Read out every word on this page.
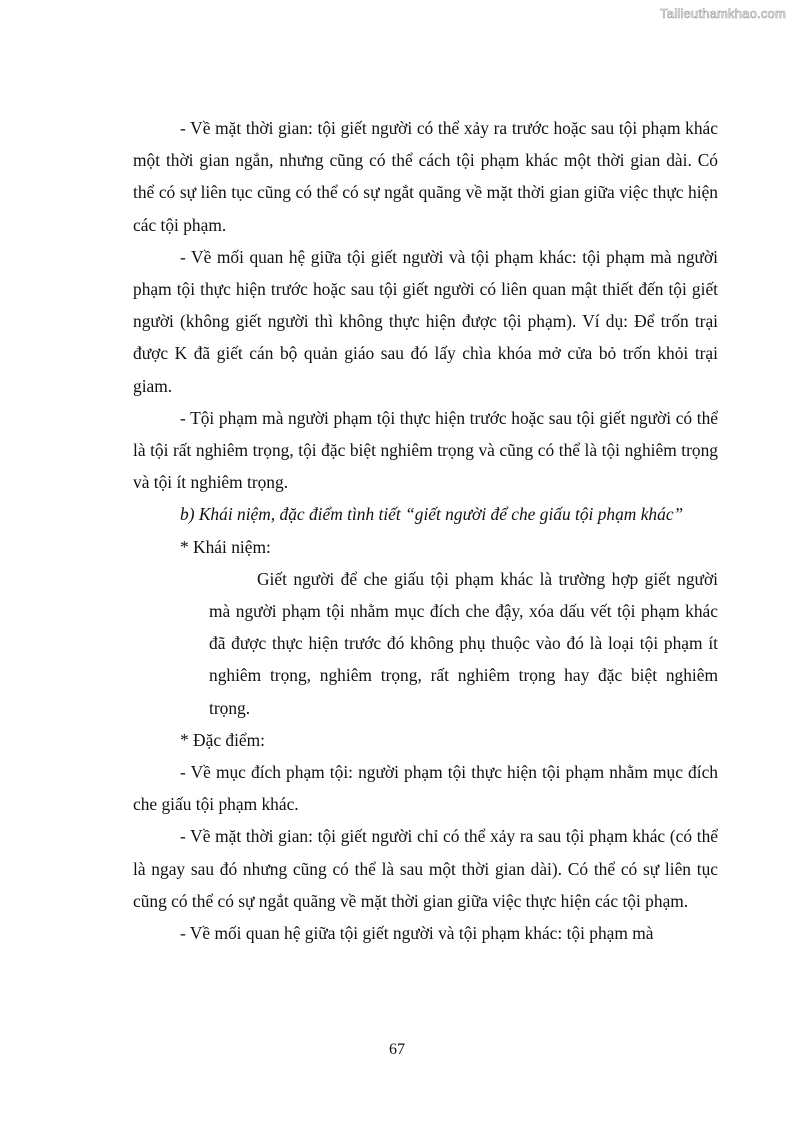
Tailieuthamkhao.com

- Về mặt thời gian: tội giết người có thể xảy ra trước hoặc sau tội phạm khác một thời gian ngắn, nhưng cũng có thể cách tội phạm khác một thời gian dài. Có thể có sự liên tục cũng có thể có sự ngắt quãng về mặt thời gian giữa việc thực hiện các tội phạm.

- Về mối quan hệ giữa tội giết người và tội phạm khác: tội phạm mà người phạm tội thực hiện trước hoặc sau tội giết người có liên quan mật thiết đến tội giết người (không giết người thì không thực hiện được tội phạm). Ví dụ: Để trốn trại được K đã giết cán bộ quản giáo sau đó lấy chìa khóa mở cửa bỏ trốn khỏi trại giam.

- Tội phạm mà người phạm tội thực hiện trước hoặc sau tội giết người có thể là tội rất nghiêm trọng, tội đặc biệt nghiêm trọng và cũng có thể là tội nghiêm trọng và tội ít nghiêm trọng.

b) Khái niệm, đặc điểm tình tiết “giết người để che giấu tội phạm khác”

* Khái niệm:

Giết người để che giấu tội phạm khác là trường hợp giết người mà người phạm tội nhằm mục đích che đậy, xóa dấu vết tội phạm khác đã được thực hiện trước đó không phụ thuộc vào đó là loại tội phạm ít nghiêm trọng, nghiêm trọng, rất nghiêm trọng hay đặc biệt nghiêm trọng.

* Đặc điểm:

- Về mục đích phạm tội: người phạm tội thực hiện tội phạm nhằm mục đích che giấu tội phạm khác.

- Về mặt thời gian: tội giết người chỉ có thể xảy ra sau tội phạm khác (có thể là ngay sau đó nhưng cũng có thể là sau một thời gian dài). Có thể có sự liên tục cũng có thể có sự ngắt quãng về mặt thời gian giữa việc thực hiện các tội phạm.

- Về mối quan hệ giữa tội giết người và tội phạm khác: tội phạm mà

67
